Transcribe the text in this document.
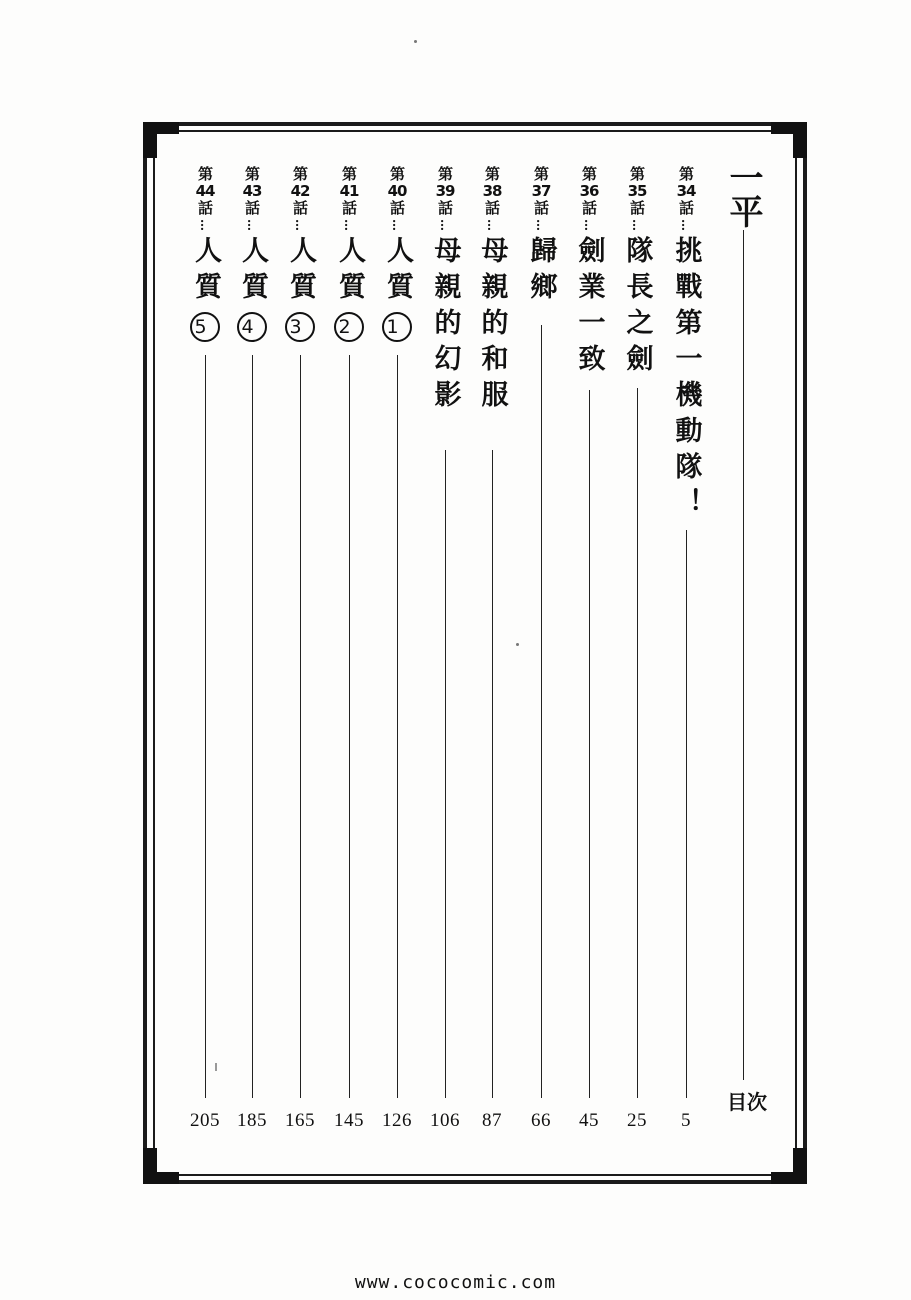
一平
目次
第34話
…
挑戰第一機動隊！
5
第35話
…
隊長之劍
25
第36話
…
劍業一致
45
第37話
…
歸鄉
66
第38話
…
母親的和服
87
第39話
…
母親的幻影
106
第40話
…
人質1
126
第41話
…
人質2
145
第42話
…
人質3
165
第43話
…
人質4
185
第44話
…
人質5
205
www.cococomic.com
